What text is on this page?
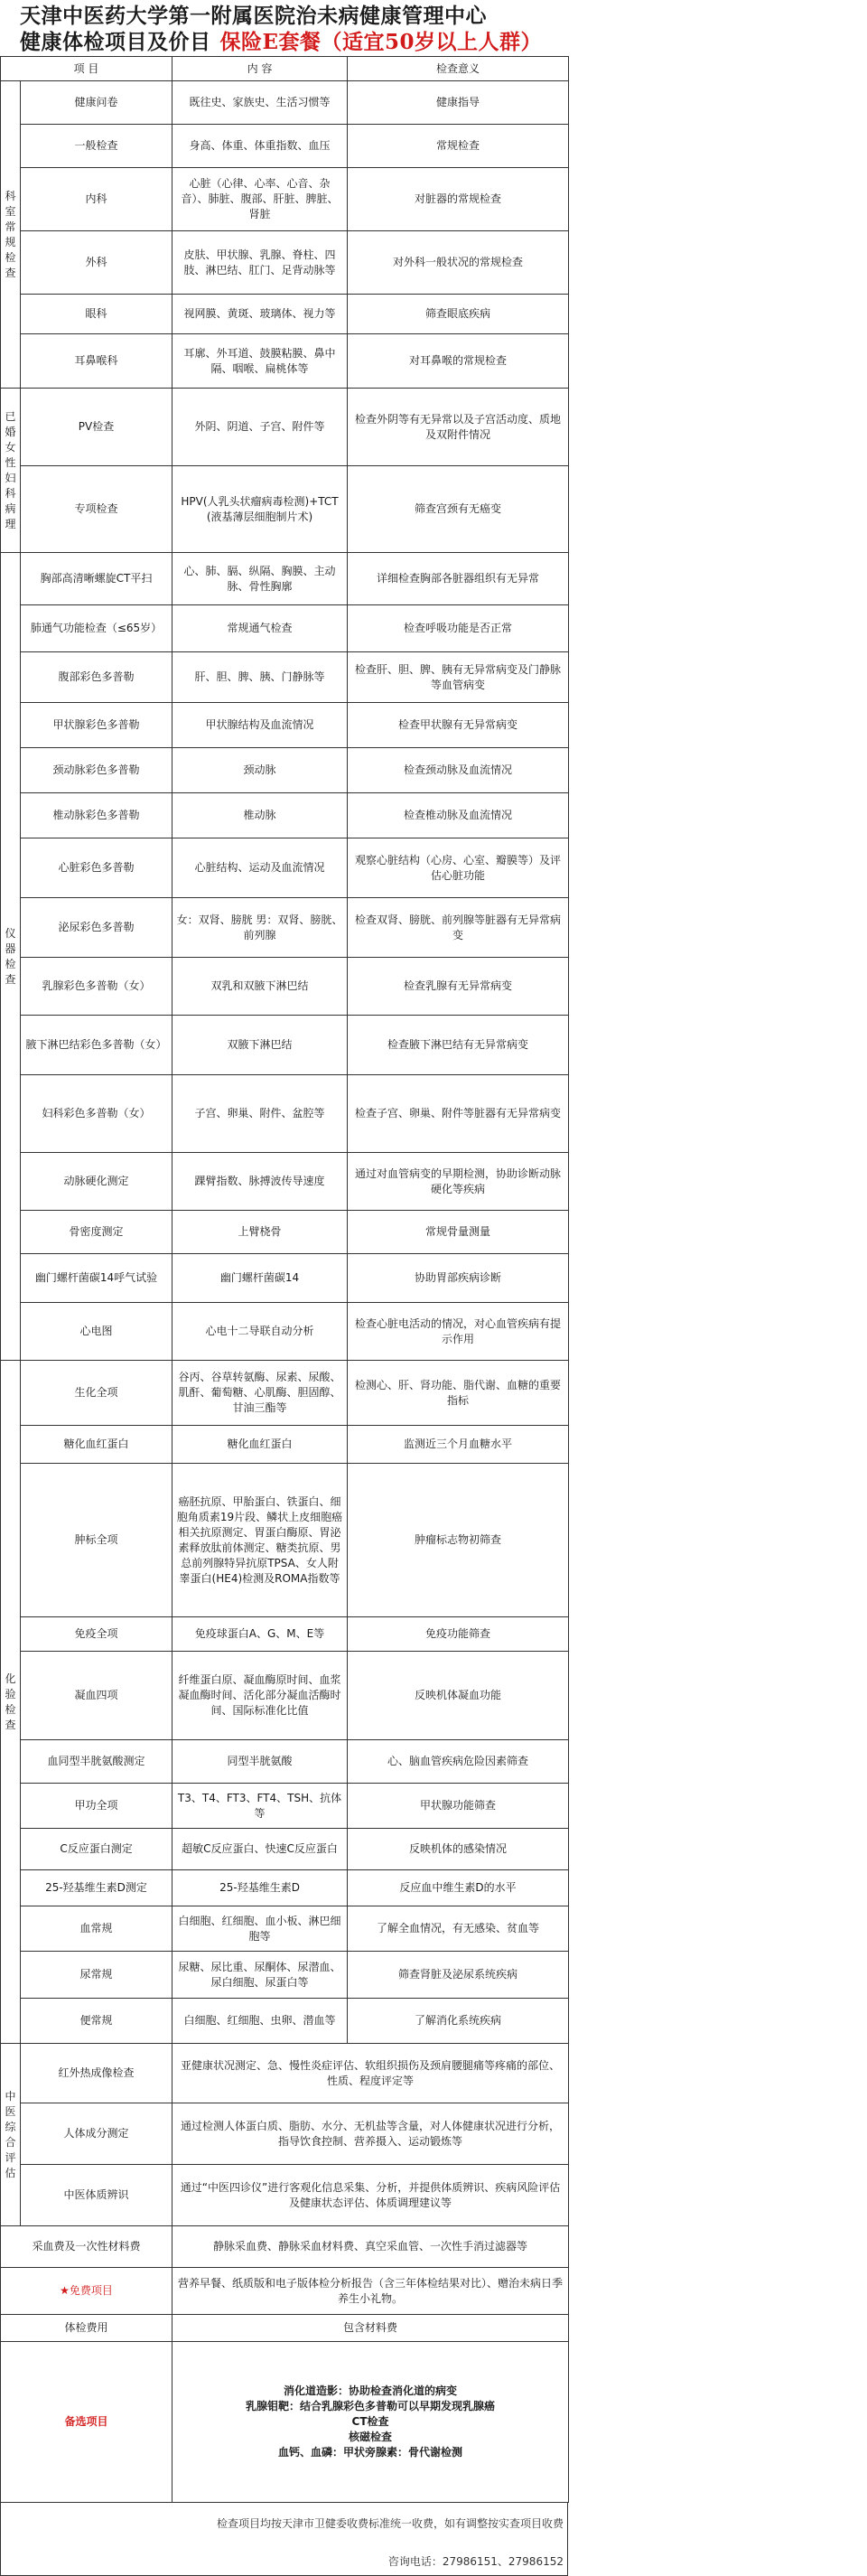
天津中医药大学第一附属医院治未病健康管理中心
健康体检项目及价目 保险E套餐（适宜50岁以上人群）
项 目		内 容	检查意义
科室常规检查	健康问卷	既往史、家族史、生活习惯等	健康指导
	一般检查	身高、体重、体重指数、血压	常规检查
	内科	心脏（心律、心率、心音、杂音）、肺脏、腹部、肝脏、脾脏、肾脏	对脏器的常规检查
	外科	皮肤、甲状腺、乳腺、脊柱、四肢、淋巴结、肛门、足背动脉等	对外科一般状况的常规检查
	眼科	视网膜、黄斑、玻璃体、视力等	筛查眼底疾病
	耳鼻喉科	耳廓、外耳道、鼓膜粘膜、鼻中隔、咽喉、扁桃体等	对耳鼻喉的常规检查
已婚女性妇科病理	PV检查	外阴、阴道、子宫、附件等	检查外阴等有无异常以及子宫活动度、质地及双附件情况
	专项检查	HPV(人乳头状瘤病毒检测)+TCT(液基薄层细胞制片术)	筛查宫颈有无癌变
仪器检查	胸部高清晰螺旋CT平扫	心、肺、膈、纵隔、胸膜、主动脉、骨性胸廓	详细检查胸部各脏器组织有无异常
	肺通气功能检查（≤65岁）	常规通气检查	检查呼吸功能是否正常
	腹部彩色多普勒	肝、胆、脾、胰、门静脉等	检查肝、胆、脾、胰有无异常病变及门静脉等血管病变
	甲状腺彩色多普勒	甲状腺结构及血流情况	检查甲状腺有无异常病变
	颈动脉彩色多普勒	颈动脉	检查颈动脉及血流情况
	椎动脉彩色多普勒	椎动脉	检查椎动脉及血流情况
	心脏彩色多普勒	心脏结构、运动及血流情况	观察心脏结构（心房、心室、瓣膜等）及评估心脏功能
	泌尿彩色多普勒	女：双肾、膀胱 男：双肾、膀胱、前列腺	检查双肾、膀胱、前列腺等脏器有无异常病变
	乳腺彩色多普勒（女）	双乳和双腋下淋巴结	检查乳腺有无异常病变
	腋下淋巴结彩色多普勒（女）	双腋下淋巴结	检查腋下淋巴结有无异常病变
	妇科彩色多普勒（女）	子宫、卵巢、附件、盆腔等	检查子宫、卵巢、附件等脏器有无异常病变
	动脉硬化测定	踝臂指数、脉搏波传导速度	通过对血管病变的早期检测，协助诊断动脉硬化等疾病
	骨密度测定	上臂桡骨	常规骨量测量
	幽门螺杆菌碳14呼气试验	幽门螺杆菌碳14	协助胃部疾病诊断
	心电图	心电十二导联自动分析	检查心脏电活动的情况，对心血管疾病有提示作用
化验检查	生化全项	谷丙、谷草转氨酶、尿素、尿酸、肌酐、葡萄糖、心肌酶、胆固醇、甘油三酯等	检测心、肝、肾功能、脂代谢、血糖的重要指标
	糖化血红蛋白	糖化血红蛋白	监测近三个月血糖水平
	肿标全项	癌胚抗原、甲胎蛋白、铁蛋白、细胞角质素19片段、鳞状上皮细胞癌相关抗原测定、胃蛋白酶原、胃泌素释放肽前体测定、糖类抗原、男总前列腺特异抗原TPSA、女人附睾蛋白(HE4)检测及ROMA指数等	肿瘤标志物初筛查
	免疫全项	免疫球蛋白A、G、M、E等	免疫功能筛查
	凝血四项	纤维蛋白原、凝血酶原时间、血浆凝血酶时间、活化部分凝血活酶时间、国际标准化比值	反映机体凝血功能
	血同型半胱氨酸测定	同型半胱氨酸	心、脑血管疾病危险因素筛查
	甲功全项	T3、T4、FT3、FT4、TSH、抗体等	甲状腺功能筛查
	C反应蛋白测定	超敏C反应蛋白、快速C反应蛋白	反映机体的感染情况
	25-羟基维生素D测定	25-羟基维生素D	反应血中维生素D的水平
	血常规	白细胞、红细胞、血小板、淋巴细胞等	了解全血情况，有无感染、贫血等
	尿常规	尿糖、尿比重、尿酮体、尿潜血、尿白细胞、尿蛋白等	筛查肾脏及泌尿系统疾病
	便常规	白细胞、红细胞、虫卵、潜血等	了解消化系统疾病
中医综合评估	红外热成像检查	亚健康状况测定、急、慢性炎症评估、软组织损伤及颈肩腰腿痛等疼痛的部位、性质、程度评定等	
	人体成分测定	通过检测人体蛋白质、脂肪、水分、无机盐等含量，对人体健康状况进行分析，指导饮食控制、营养摄入、运动锻炼等	
	中医体质辨识	通过“中医四诊仪”进行客观化信息采集、分析，并提供体质辨识、疾病风险评估及健康状态评估、体质调理建议等	
采血费及一次性材料费		静脉采血费、静脉采血材料费、真空采血管、一次性手消过滤器等	
★免费项目		营养早餐、纸质版和电子版体检分析报告（含三年体检结果对比）、赠治未病日季养生小礼物。	
体检费用		包含材料费	
备选项目		消化道造影：协助检查消化道的病变
乳腺钼靶：结合乳腺彩色多普勒可以早期发现乳腺癌
CT检查
核磁检查
血钙、血磷：甲状旁腺素：骨代谢检测	
检查项目均按天津市卫健委收费标准统一收费，如有调整按实查项目收费
咨询电话：27986151、27986152
